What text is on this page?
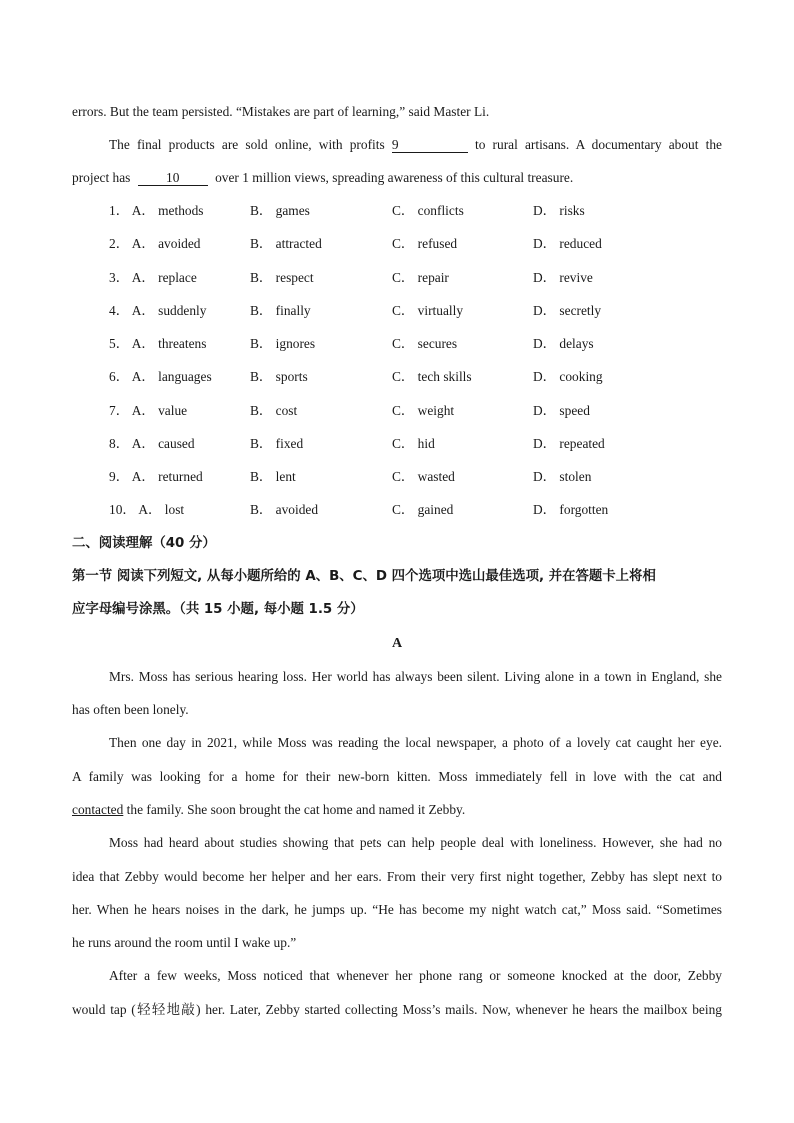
errors. But the team persisted. “Mistakes are part of learning,” said Master Li.
The final products are sold online, with profits 9	to rural artisans. A documentary about the
project has	10	over 1 million views, spreading awareness of this cultural treasure.
1． A． methods	B． games	C． conflicts	D． risks
2． A． avoided	B． attracted	C． refused	D． reduced
3． A． replace	B． respect	C． repair	D． revive
4． A． suddenly	B． finally	C． virtually	D． secretly
5． A． threatens	B． ignores	C． secures	D． delays
6． A． languages	B． sports	C． tech skills	D． cooking
7． A． value	B． cost	C． weight	D． speed
8． A． caused	B． fixed	C． hid	D． repeated
9． A． returned	B． lent	C． wasted	D． stolen
10． A． lost	B． avoided	C． gained	D． forgotten
二、阅读理解（40 分）
第一节 阅读下列短文, 从每小题所给的 A、B、C、D 四个选项中选山最佳选项, 并在答题卡上将相
应字母编号涂黑。（共 15 小题, 每小题 1.5 分）
A
Mrs. Moss has serious hearing loss. Her world has always been silent. Living alone in a town in England, she
has often been lonely.
Then one day in 2021, while Moss was reading the local newspaper, a photo of a lovely cat caught her eye.
A family was looking for a home for their new-born kitten. Moss immediately fell in love with the cat and
contacted the family. She soon brought the cat home and named it Zebby.
Moss had heard about studies showing that pets can help people deal with loneliness. However, she had no
idea that Zebby would become her helper and her ears. From their very first night together, Zebby has slept next to
her. When he hears noises in the dark, he jumps up. “He has become my night watch cat,” Moss said. “Sometimes
he runs around the room until I wake up.”
After a few weeks, Moss noticed that whenever her phone rang or someone knocked at the door, Zebby
would tap (轻轻地敲) her. Later, Zebby started collecting Moss’s mails. Now, whenever he hears the mailbox being
